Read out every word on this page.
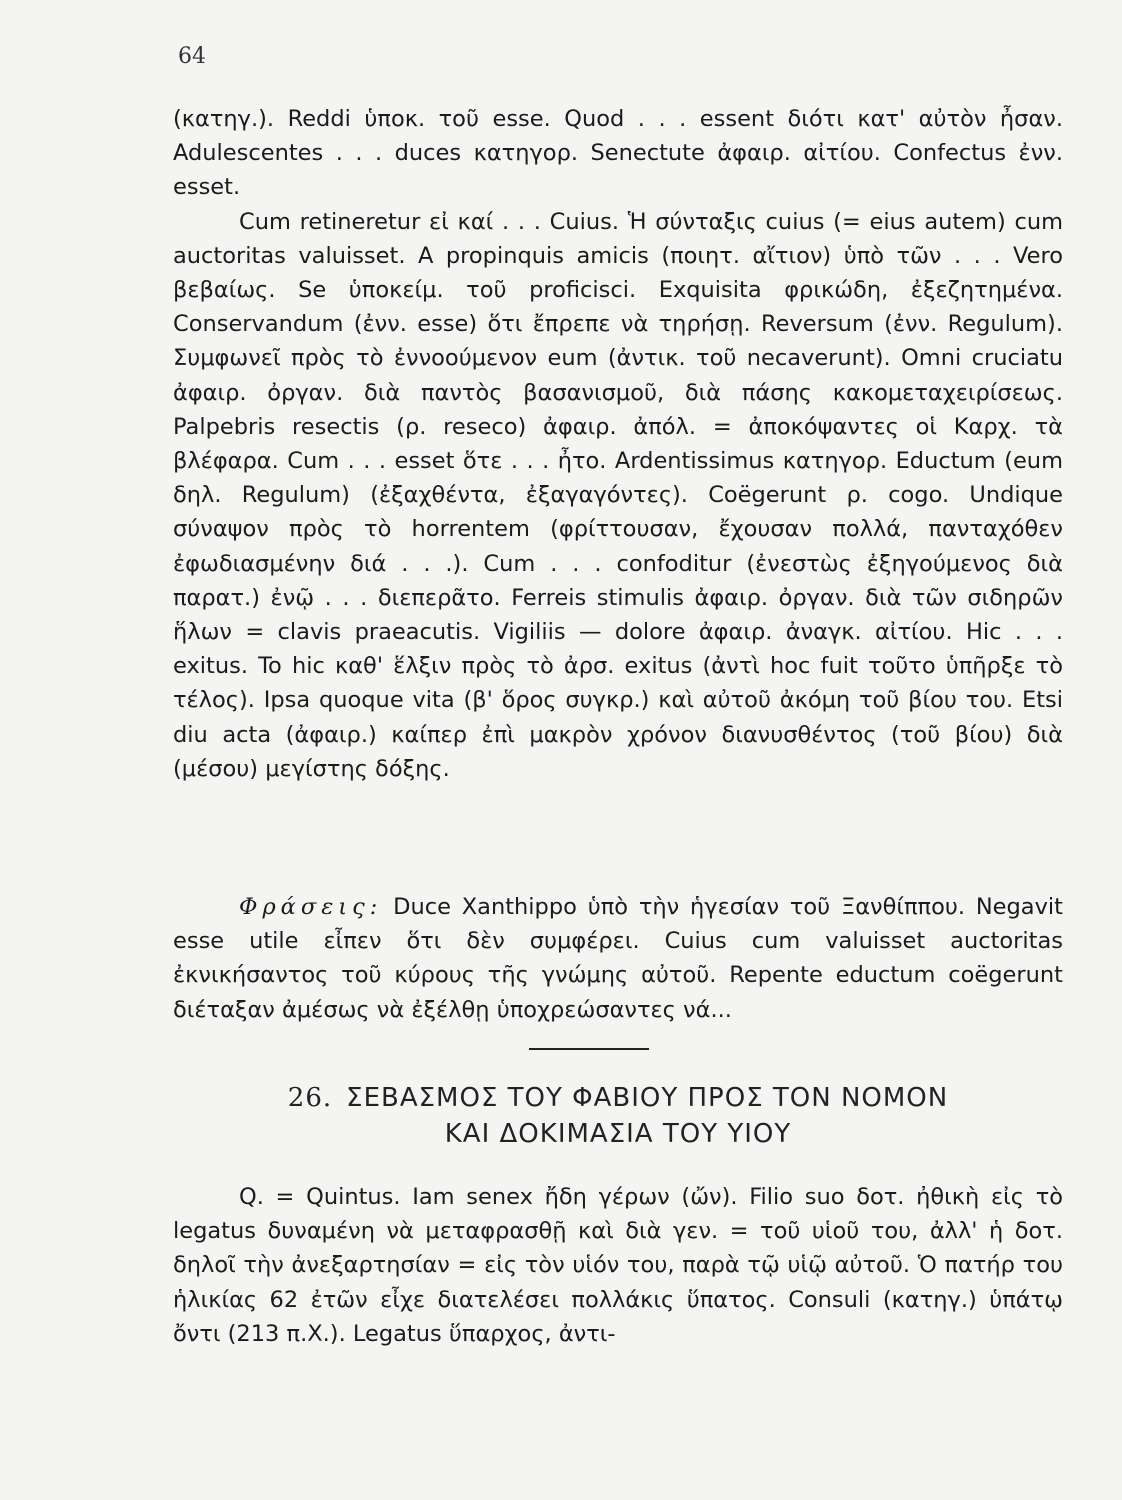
64

(κατηγ.). Reddi ὑποκ. τοῦ esse. Quod . . . essent διότι κατ' αὐτὸν ἦσαν. Adulescentes . . . duces κατηγορ. Senectute ἀφαιρ. αἰτίου. Confectus ἐνν. esset.

Cum retineretur εἰ καί . . . Cuius. Ἡ σύνταξις cuius (= eius autem) cum auctoritas valuisset. A propinquis amicis (ποιητ. αἴτιον) ὑπὸ τῶν . . . Vero βεβαίως. Se ὑποκείμ. τοῦ proficisci. Exquisita φρικώδη, ἐξεζητημένα. Conservandum (ἐνν. esse) ὅτι ἔπρεπε νὰ τηρήσῃ. Reversum (ἐνν. Regulum). Συμφωνεῖ πρὸς τὸ ἐννοούμενον eum (ἀντικ. τοῦ necaverunt). Omni cruciatu ἀφαιρ. ὀργαν. διὰ παντὸς βασανισμοῦ, διὰ πάσης κακομεταχειρίσεως. Palpebris resectis (ρ. reseco) ἀφαιρ. ἀπόλ. = ἀποκόψαντες οἱ Καρχ. τὰ βλέφαρα. Cum . . . esset ὅτε . . . ἦτο. Ardentissimus κατηγορ. Eductum (eum δηλ. Regulum) (ἐξαχθέντα, ἐξαγαγόντες). Coëgerunt ρ. cogo. Undique σύναψον πρὸς τὸ horrentem (φρίττουσαν, ἔχουσαν πολλά, πανταχόθεν ἐφωδιασμένην διά . . .). Cum . . . confoditur (ἐνεστὼς ἐξηγούμενος διὰ παρατ.) ἐνῷ . . . διεπερᾶτο. Ferreis stimulis ἀφαιρ. ὀργαν. διὰ τῶν σιδηρῶν ἥλων = clavis praeacutis. Vigiliis — dolore ἀφαιρ. ἀναγκ. αἰτίου. Hic . . . exitus. To hic καθ' ἕλξιν πρὸς τὸ ἀρσ. exitus (ἀντὶ hoc fuit τοῦτο ὑπῆρξε τὸ τέλος). Ipsa quoque vita (β' ὅρος συγκρ.) καὶ αὐτοῦ ἀκόμη τοῦ βίου του. Etsi diu acta (ἀφαιρ.) καίπερ ἐπὶ μακρὸν χρόνον διανυσθέντος (τοῦ βίου) διὰ (μέσου) μεγίστης δόξης.

Φράσεις: Duce Xanthippo ὑπὸ τὴν ἡγεσίαν τοῦ Ξανθίππου. Negavit esse utile εἶπεν ὅτι δὲν συμφέρει. Cuius cum valuisset auctoritas ἐκνικήσαντος τοῦ κύρους τῆς γνώμης αὐτοῦ. Repente eductum coëgerunt διέταξαν ἀμέσως νὰ ἐξέλθῃ ὑποχρεώσαντες νά...
26. ΣΕΒΑΣΜΟΣ ΤΟΥ ΦΑΒΙΟΥ ΠΡΟΣ ΤΟΝ ΝΟΜΟΝ
ΚΑΙ ΔΟΚΙΜΑΣΙΑ ΤΟΥ ΥΙΟΥ
Q. = Quintus. Iam senex ἤδη γέρων (ὤν). Filio suo δοτ. ἠθικὴ εἰς τὸ legatus δυναμένη νὰ μεταφρασθῇ καὶ διὰ γεν. = τοῦ υἱοῦ του, ἀλλ' ἡ δοτ. δηλοῖ τὴν ἀνεξαρτησίαν = εἰς τὸν υἱόν του, παρὰ τῷ υἱῷ αὐτοῦ. Ὁ πατήρ του ἡλικίας 62 ἐτῶν εἶχε διατελέσει πολλάκις ὕπατος. Consuli (κατηγ.) ὑπάτῳ ὄντι (213 π.Χ.). Legatus ὕπαρχος, ἀντι-
